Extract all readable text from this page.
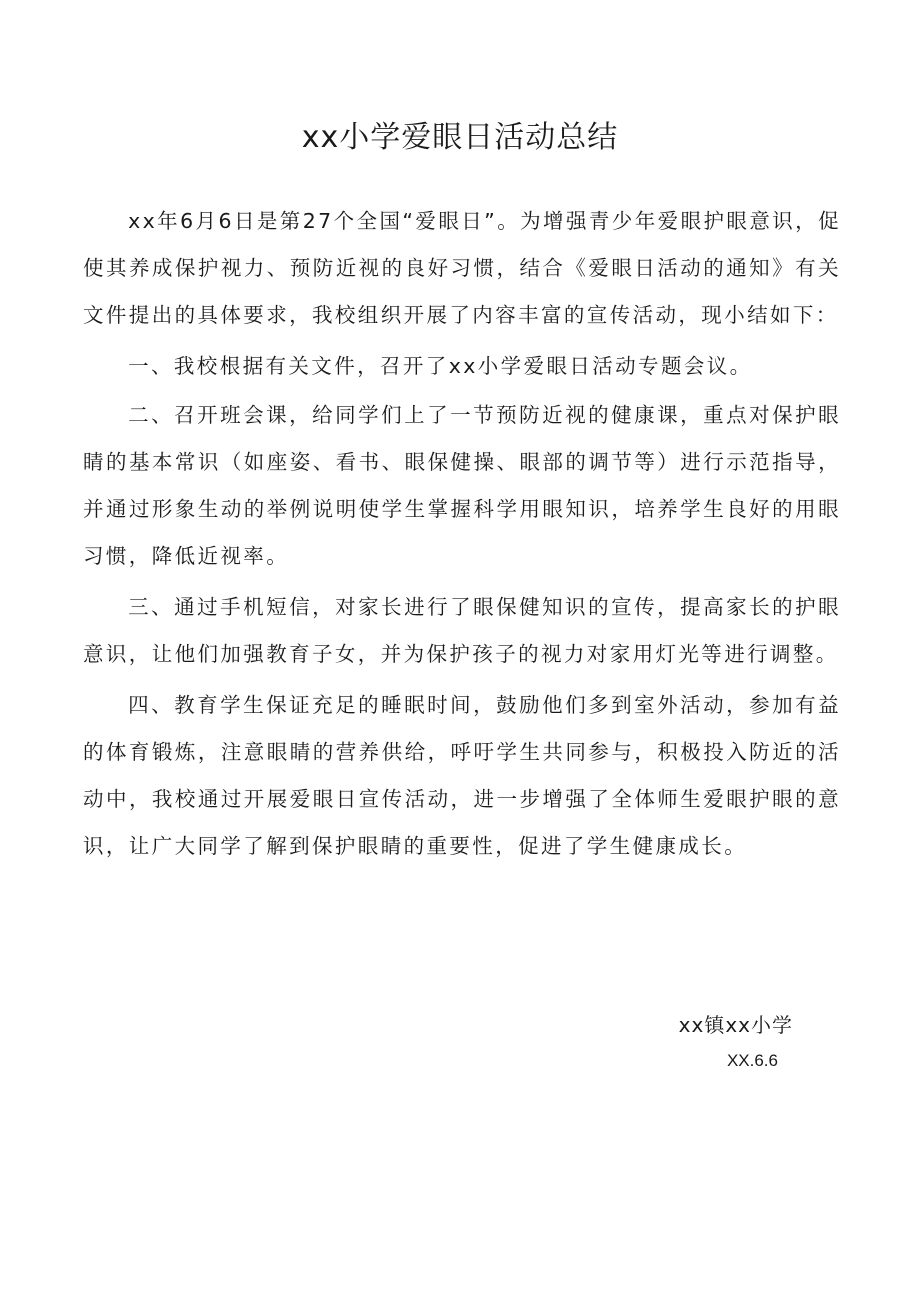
xx小学爱眼日活动总结

xx年6月6日是第27个全国“爱眼日”。为增强青少年爱眼护眼意识，促使其养成保护视力、预防近视的良好习惯，结合《爱眼日活动的通知》有关文件提出的具体要求，我校组织开展了内容丰富的宣传活动，现小结如下：

一、我校根据有关文件，召开了xx小学爱眼日活动专题会议。

二、召开班会课，给同学们上了一节预防近视的健康课，重点对保护眼睛的基本常识（如座姿、看书、眼保健操、眼部的调节等）进行示范指导，并通过形象生动的举例说明使学生掌握科学用眼知识，培养学生良好的用眼习惯，降低近视率。

三、通过手机短信，对家长进行了眼保健知识的宣传，提高家长的护眼意识，让他们加强教育子女，并为保护孩子的视力对家用灯光等进行调整。

四、教育学生保证充足的睡眠时间，鼓励他们多到室外活动，参加有益的体育锻炼，注意眼睛的营养供给，呼吁学生共同参与，积极投入防近的活动中，我校通过开展爱眼日宣传活动，进一步增强了全体师生爱眼护眼的意识，让广大同学了解到保护眼睛的重要性，促进了学生健康成长。

xx镇xx小学
XX.6.6
